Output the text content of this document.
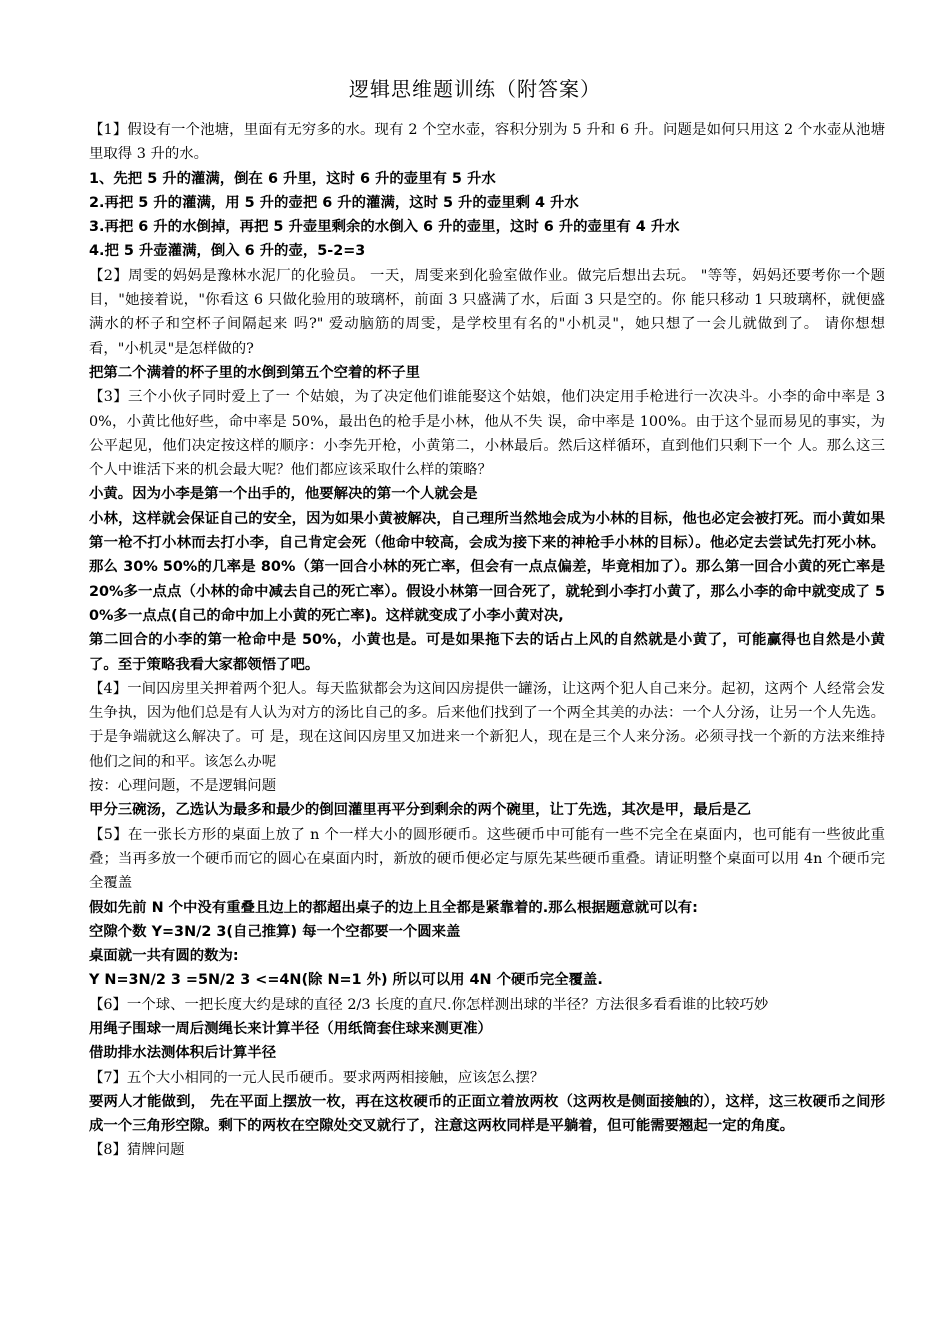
逻辑思维题训练（附答案）

【1】假设有一个池塘，里面有无穷多的水。现有 2 个空水壶，容积分别为 5 升和 6 升。问题是如何只用这 2 个水壶从池塘里取得 3 升的水。

1、先把 5 升的灌满，倒在 6 升里，这时 6 升的壶里有 5 升水

2.再把 5 升的灌满，用 5 升的壶把 6 升的灌满，这时 5 升的壶里剩 4 升水

3.再把 6 升的水倒掉，再把 5 升壶里剩余的水倒入 6 升的壶里，这时 6 升的壶里有 4 升水

4.把 5 升壶灌满，倒入 6 升的壶，5-2=3

【2】周雯的妈妈是豫林水泥厂的化验员。 一天，周雯来到化验室做作业。做完后想出去玩。 "等等，妈妈还要考你一个题目，"她接着说，"你看这 6 只做化验用的玻璃杯，前面 3 只盛满了水，后面 3 只是空的。你 能只移动 1 只玻璃杯，就便盛满水的杯子和空杯子间隔起来 吗?" 爱动脑筋的周雯，是学校里有名的"小机灵"，她只想了一会儿就做到了。 请你想想看，"小机灵"是怎样做的?

把第二个满着的杯子里的水倒到第五个空着的杯子里

【3】三个小伙子同时爱上了一 个姑娘，为了决定他们谁能娶这个姑娘，他们决定用手枪进行一次决斗。小李的命中率是 30%，小黄比他好些，命中率是 50%，最出色的枪手是小林，他从不失 误，命中率是 100%。由于这个显而易见的事实，为公平起见，他们决定按这样的顺序：小李先开枪，小黄第二，小林最后。然后这样循环，直到他们只剩下一个 人。那么这三个人中谁活下来的机会最大呢？他们都应该采取什么样的策略？

小黄。因为小李是第一个出手的，他要解决的第一个人就会是

小林，这样就会保证自己的安全，因为如果小黄被解决，自己理所当然地会成为小林的目标，他也必定会被打死。而小黄如果第一枪不打小林而去打小李，自己肯定会死（他命中较高，会成为接下来的神枪手小林的目标）。他必定去尝试先打死小林。那么 30% 50%的几率是 80%（第一回合小林的死亡率，但会有一点点偏差，毕竟相加了）。那么第一回合小黄的死亡率是 20%多一点点（小林的命中减去自己的死亡率）。假设小林第一回合死了，就轮到小李打小黄了，那么小李的命中就变成了 50%多一点点(自己的命中加上小黄的死亡率)。这样就变成了小李小黄对决,

第二回合的小李的第一枪命中是 50%，小黄也是。可是如果拖下去的话占上风的自然就是小黄了，可能赢得也自然是小黄了。至于策略我看大家都领悟了吧。

【4】一间囚房里关押着两个犯人。每天监狱都会为这间囚房提供一罐汤，让这两个犯人自己来分。起初，这两个 人经常会发生争执，因为他们总是有人认为对方的汤比自己的多。后来他们找到了一个两全其美的办法：一个人分汤，让另一个人先选。于是争端就这么解决了。可 是，现在这间囚房里又加进来一个新犯人，现在是三个人来分汤。必须寻找一个新的方法来维持他们之间的和平。该怎么办呢

按：心理问题，不是逻辑问题

甲分三碗汤，乙选认为最多和最少的倒回灌里再平分到剩余的两个碗里，让丁先选，其次是甲，最后是乙

【5】在一张长方形的桌面上放了 n 个一样大小的圆形硬币。这些硬币中可能有一些不完全在桌面内，也可能有一些彼此重叠；当再多放一个硬币而它的圆心在桌面内时，新放的硬币便必定与原先某些硬币重叠。请证明整个桌面可以用 4n 个硬币完全覆盖

假如先前 N 个中没有重叠且边上的都超出桌子的边上且全都是紧靠着的.那么根据题意就可以有:

空隙个数 Y=3N/2 3(自己推算) 每一个空都要一个圆来盖

桌面就一共有圆的数为:

Y N=3N/2 3 =5N/2 3 <=4N(除 N=1 外) 所以可以用 4N 个硬币完全覆盖.

【6】一个球、一把长度大约是球的直径 2/3 长度的直尺.你怎样测出球的半径？方法很多看看谁的比较巧妙

用绳子围球一周后测绳长来计算半径（用纸筒套住球来测更准）

借助排水法测体积后计算半径

【7】五个大小相同的一元人民币硬币。要求两两相接触，应该怎么摆？

要两人才能做到， 先在平面上摆放一枚，再在这枚硬币的正面立着放两枚（这两枚是侧面接触的），这样，这三枚硬币之间形成一个三角形空隙。剩下的两枚在空隙处交叉就行了，注意这两枚同样是平躺着，但可能需要翘起一定的角度。

【8】猜牌问题
